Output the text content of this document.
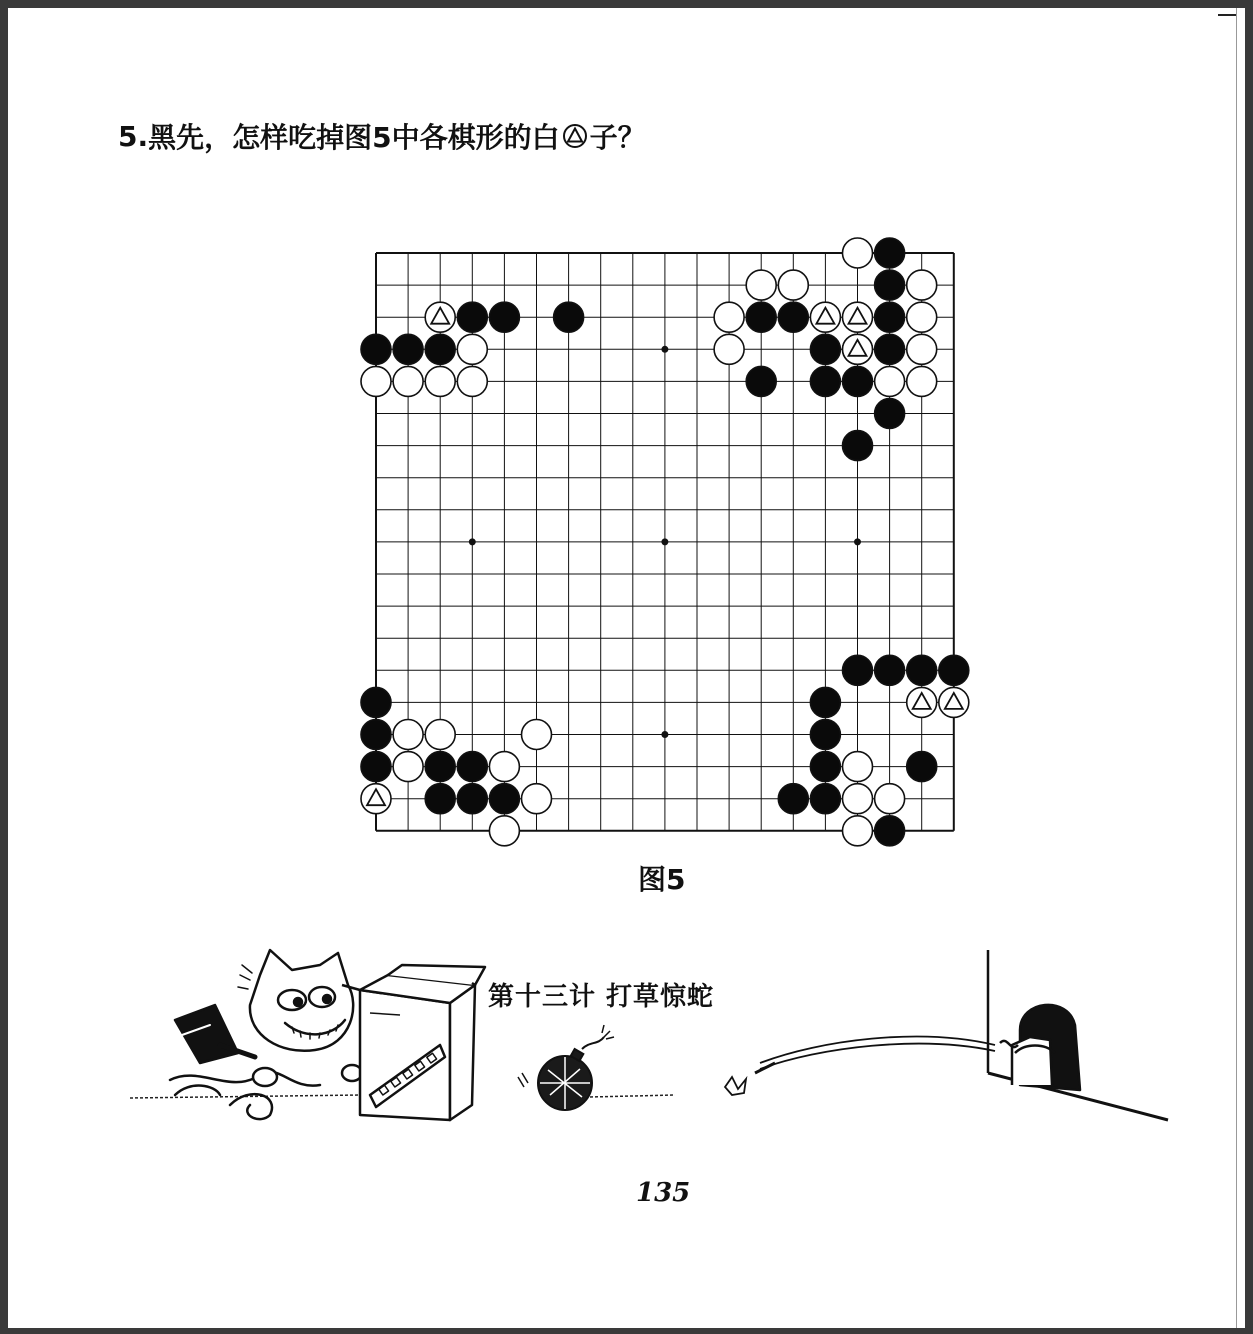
5. 黑先，怎样吃掉图5中各棋形的白 子？
图5
第十三计 打草惊蛇
135
